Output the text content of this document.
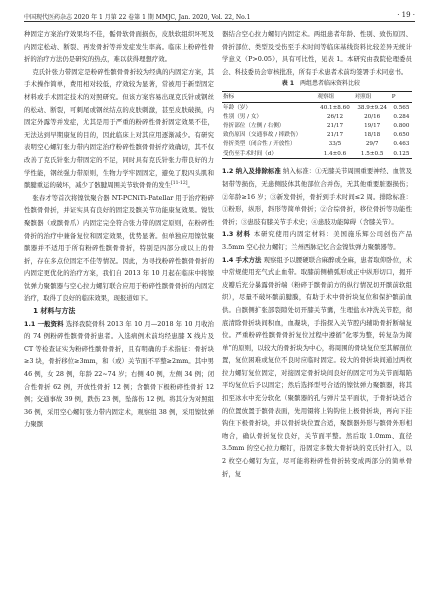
中国现代医药杂志 2020 年 1 月第 22 卷第 1 期 MMJC, Jan. 2020, Vol. 22, No.1	· 19 ·

种固定方案治疗效果均不佳，骺骨软骨面损伤，皮肤软组织坏死及内固定松动、断裂、再发骨折等并发症发生率高。临床上粉碎性骨折的治疗方法仍是研究的热点，难以获得理想疗效。

克氏针张力带固定是粉碎性髌骨骨折较为经典的内固定方案，其手术操作简单，费用相对较低，疗效较为显著，常被用于新型固定材料或手术固定技术的对照研究。但该方案容易出现克氏针或钢丝的松动、断裂，可刺尾或钢丝结点的皮肤刺激，甚至皮肤破损，内固定外露等并发症，尤其是用于严重的粉碎性骨折固定效果不佳，无法达到早期康复的目的，因此临床上对其应用逐渐减少。有研究表明空心螺钉张力带内固定治疗粉碎性髌骨骨折疗效确切，其不仅改善了克氏针张力带固定的不足，同时具有克氏针张力带良好的力学性能，钢丝强力带原则，生物力学牢固固定，避免了股四头肌和髌腱重运的破坏，减少了骸腱周围关节软骨骨的发生[11-12]。

张春才等首次将镍钛聚合器 NT-PCNiTi-Patellar 用于治疗粉碎性髌骨骨折，并证实具有良好的固定及髌关节功能康复效果。镍钛聚髌器（或髌骨爪）内固定完全符合张力带的固定原则，在粉碎性骨折的治疗中兼备复位和固定效果，优势显著。但单独应用镍钛聚髌器并不适用于所有粉碎性髌骨骨折，特别是四部分或以上的骨折，存在多点位固定不佳等情况。因此，为寻找粉碎性髌骨骨折的内固定更优化的治疗方案，我们自 2013 年 10 月起在临床中将镍钛弹力聚髌器与空心拉力螺钉联合应用于粉碎性髌骨骨折的内固定治疗，取得了良好的临床效果，现报道如下。

1 材料与方法

1.1 一般资料 选择我院骨科 2013 年 10 月—2018 年 10 月收治的 74 例粉碎性髌骨骨折患者。入选病例术前均经患膝 X 线片及 CT 等检查证实为粉碎性髌骨骨折，且有明确的手术指征：骨折块≥3 块，骨折移位≥3mm，和（或）关节面不平整≥2mm。其中男 46 例，女 28 例，年龄 22~74 岁；右侧 40 例，左侧 34 例；闭合性骨折 62 例，开放性骨折 12 例；含髌骨下极粉碎性骨折 12 例；交通事故 39 例，跌伤 23 例，坠落伤 12 例。将其分为对照组 36 例，采用空心螺钉张力带内固定术，观察组 38 例，采用镍钛弹力聚髌

器结合空心拉力螺钉内固定术。两组患者年龄、性别、致伤原因、骨折部位、类型及受伤至手术时间等临床基线资料比较差异无统计学意义（P>0.05），具有可比性，见表 1。本研究由我院伦理委员会、科技委员会审核批准，所有手术患者术前均签署手术同意书。

表 1 两组患者临床资料比较

指标	观察组	对照组	P
年龄（岁）	40.1±8.60	38.9±9.24	0.565
性别（男 / 女）	26/12	20/16	0.284
骨折部位（左侧 / 右侧）	21/17	19/17	0.800
致伤原因（交通事故 / 摔跌伤）	21/17	18/18	0.650
骨折类型（闭合性 / 开放性）	33/5	29/7	0.463
受伤至手术时间（d）	1.4±0.6	1.5±0.5	0.125

1.2 纳入及排除标准 纳入标准：①无膝关节周围重要神经、血管及韧带等损伤，无患侧肢体其他部位合并伤，无其他重要脏器损伤；②年龄≥16 岁；③新发骨折，骨折到手术时间≤2 周。排除标准：①粉形，纵形，斜形等简单骨折；②合综骨折，移位骨折等功能性骨折；③患肢有膝关节手术史；④患肢功能障碍（含膝关节）。

1.3 材料 本研究使用内固定材料：美国施乐辉公司创伤产品 3.5mm 空心拉力螺钉；兰州西脉记忆合金镍钛弹力聚髌器等。

1.4 手术方法 观察组予以腰硬联合麻醉或全麻，患者取仰卧位，术中常规使用充气式止血带。取膝前侧横弧形或正中纵形切口，揭开皮瓣后充分暴露骨折端（粉碎于髌骨前方的纵行情况切开髌前软组织），尽量不破坏髌前腱膜，有助于术中骨折块复位和保护髌前血供。自髌侧扩张部裂隙处切开膝关节囊，生理盐水冲洗关节腔，彻底清除骨折块间积血，血凝块，手指探入关节腔内辅助骨折断端复位。严重粉碎性髌骨骨折复位过程中遵循“化零为整，转复杂为简单”的原则，以较大的骨折块为中心，将周围的骨块复位至其解剖位置，复位困难或复位不良时应临时固定。较大的骨折块间通过两枚拉力螺钉复位固定，对接固定骨折块间良好的固定可为关节面塌陷平均复位后予以固定；然后选择型号合适的镍钛弹力聚髌器，将其扣至冰水中充分软化（聚髌器的孔与弹片呈平面状，于骨折块适合的位置放置于髌骨表面，先用镊将上钩钩住上极骨折块，再向下挂钩住下极骨折块，并以骨折块位置合适，聚髌器外形与髌骨外形相吻合，确认骨折复位良好，关节面平整。然后取 1.0mm、直径 3.5mm 的空心拉力螺钉，沿固定多数大骨折块的克氏针打入，以 2 枚空心螺钉为宜，尽可能将粉碎性骨折转变成两部分的简单骨折，复
